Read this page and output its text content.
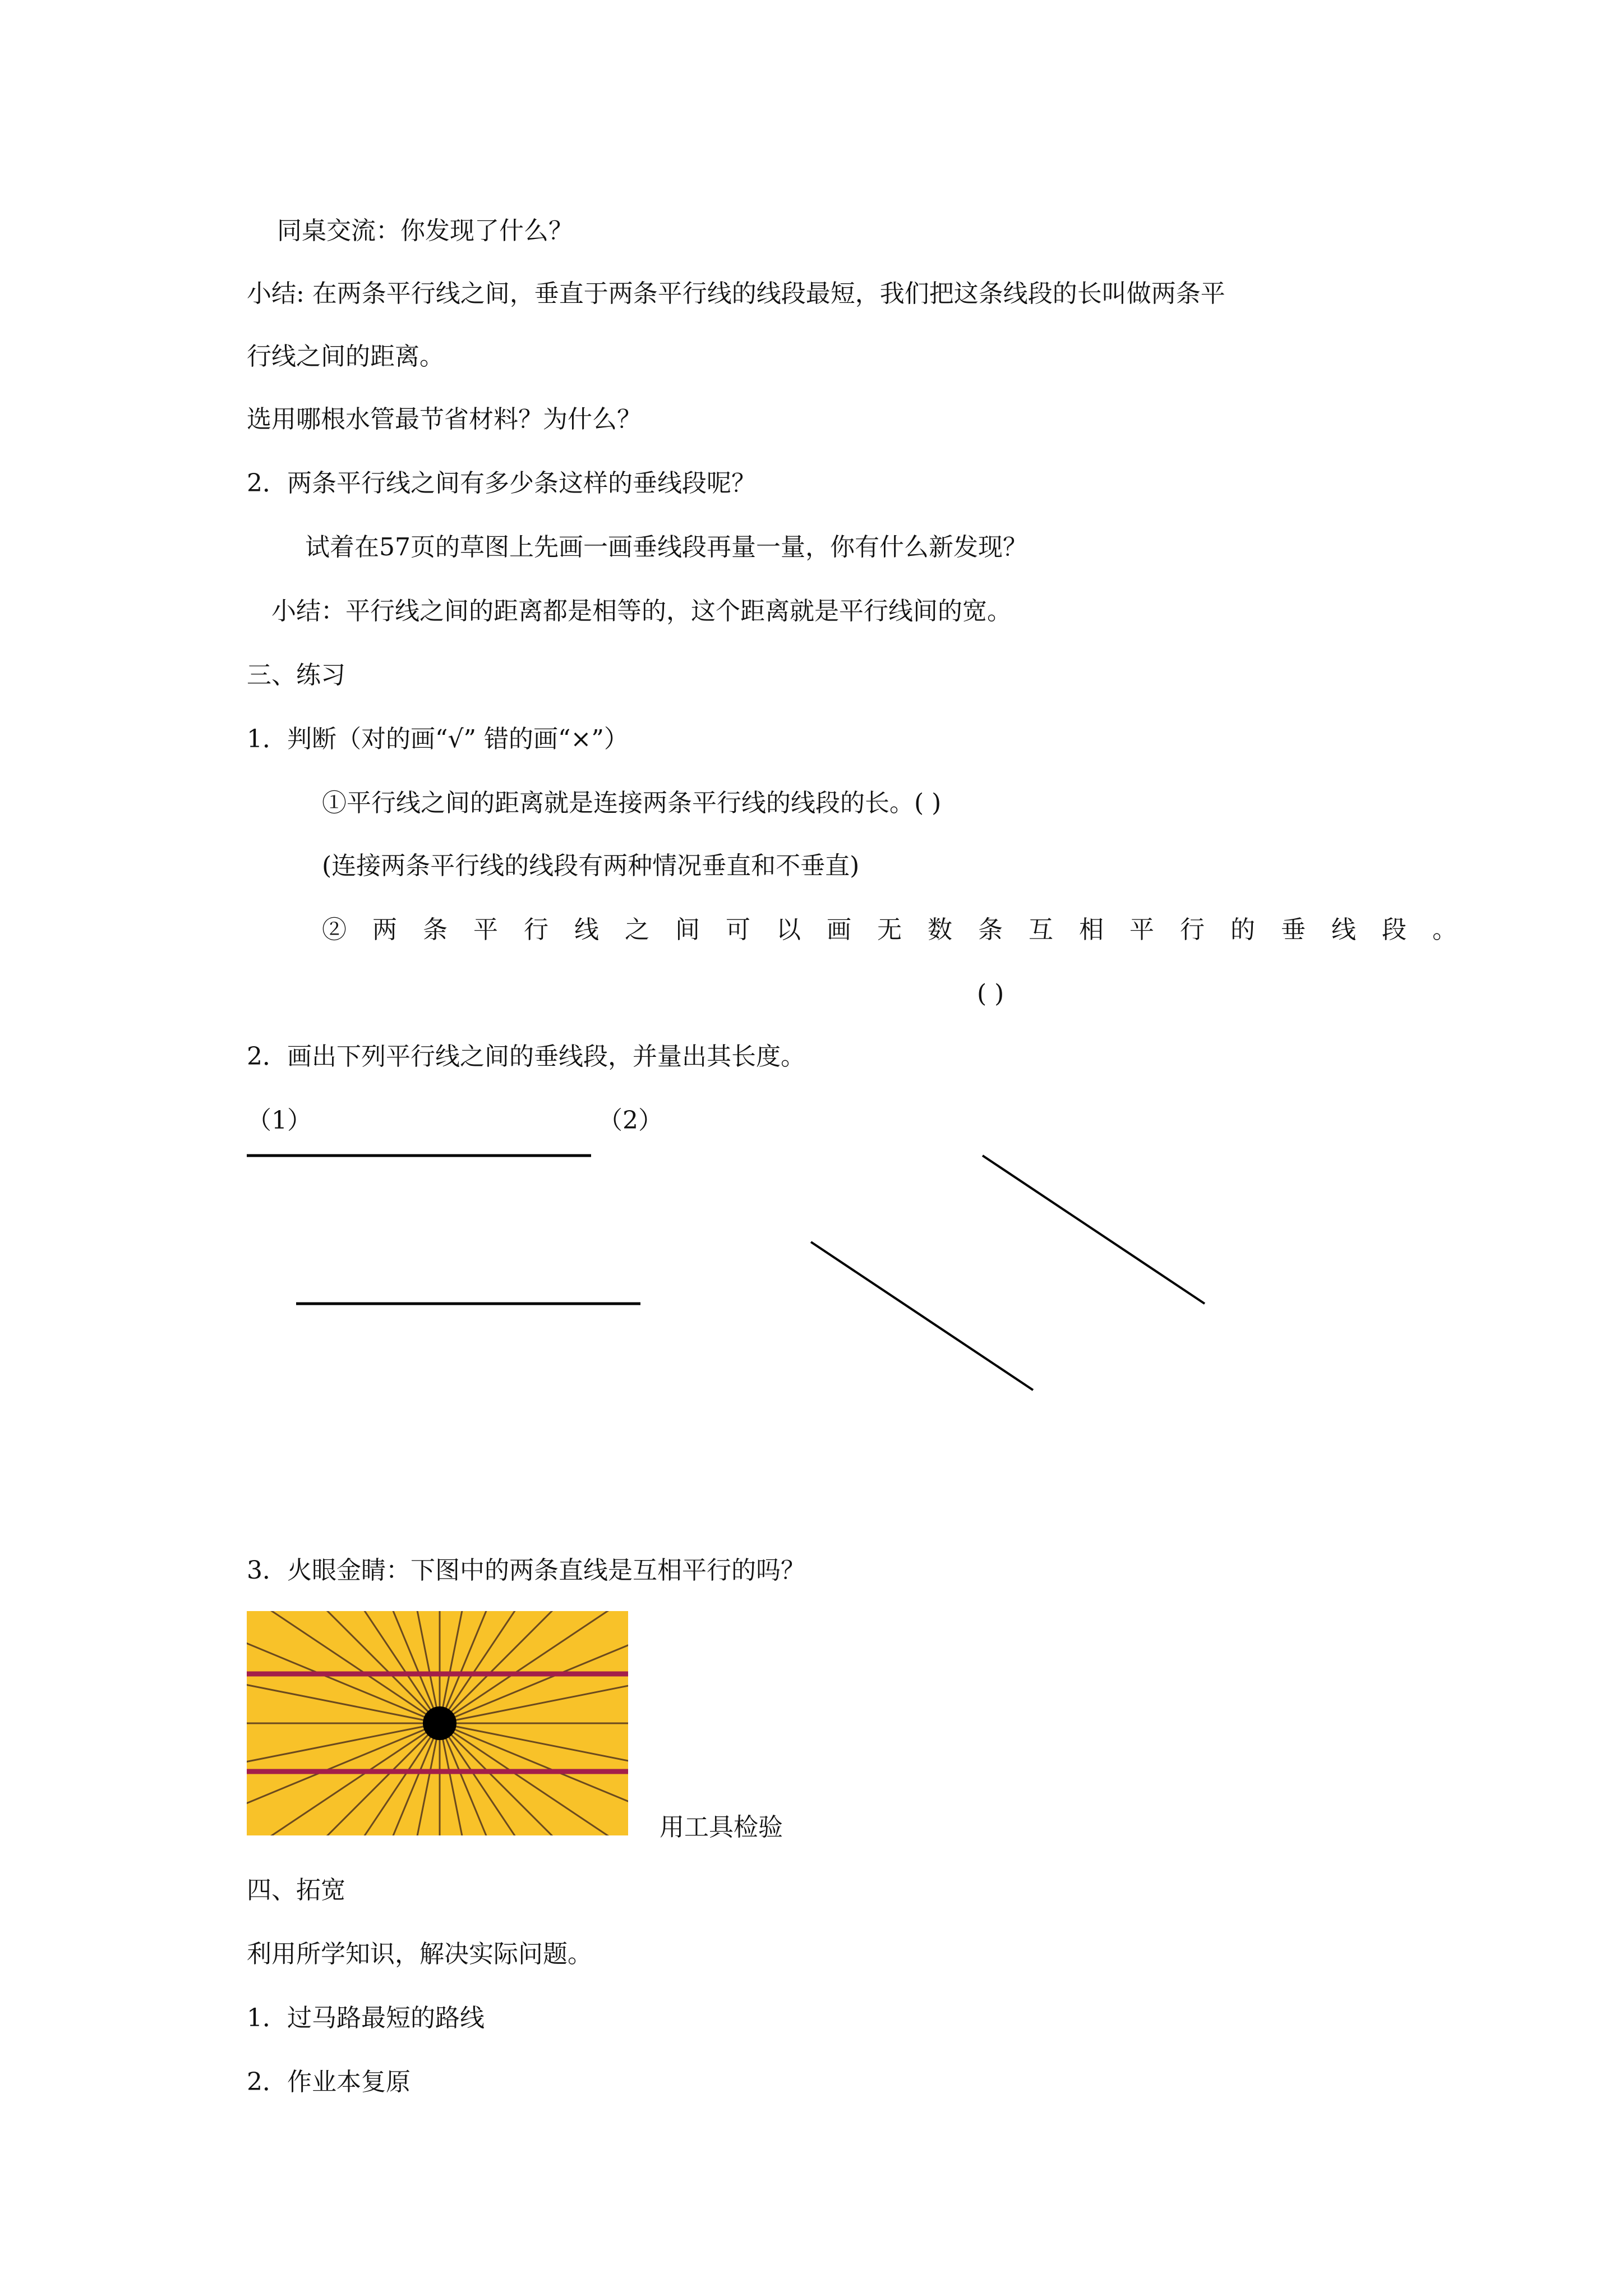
同桌交流：你发现了什么？

小结: 在两条平行线之间，垂直于两条平行线的线段最短，我们把这条线段的长叫做两条平

行线之间的距离。

选用哪根水管最节省材料？为什么？

2．两条平行线之间有多少条这样的垂线段呢？

试着在57页的草图上先画一画垂线段再量一量，你有什么新发现？

小结：平行线之间的距离都是相等的，这个距离就是平行线间的宽。

三、练习

1．判断（对的画“√” 错的画“×”）

①平行线之间的距离就是连接两条平行线的线段的长。( )

(连接两条平行线的线段有两种情况垂直和不垂直)

②两条平行线之间可以画无数条互相平行的垂线段。

( )

2．画出下列平行线之间的垂线段，并量出其长度。

（1）	（2）

3．火眼金睛：下图中的两条直线是互相平行的吗？

用工具检验

四、拓宽

利用所学知识，解决实际问题。

1．过马路最短的路线

2．作业本复原
